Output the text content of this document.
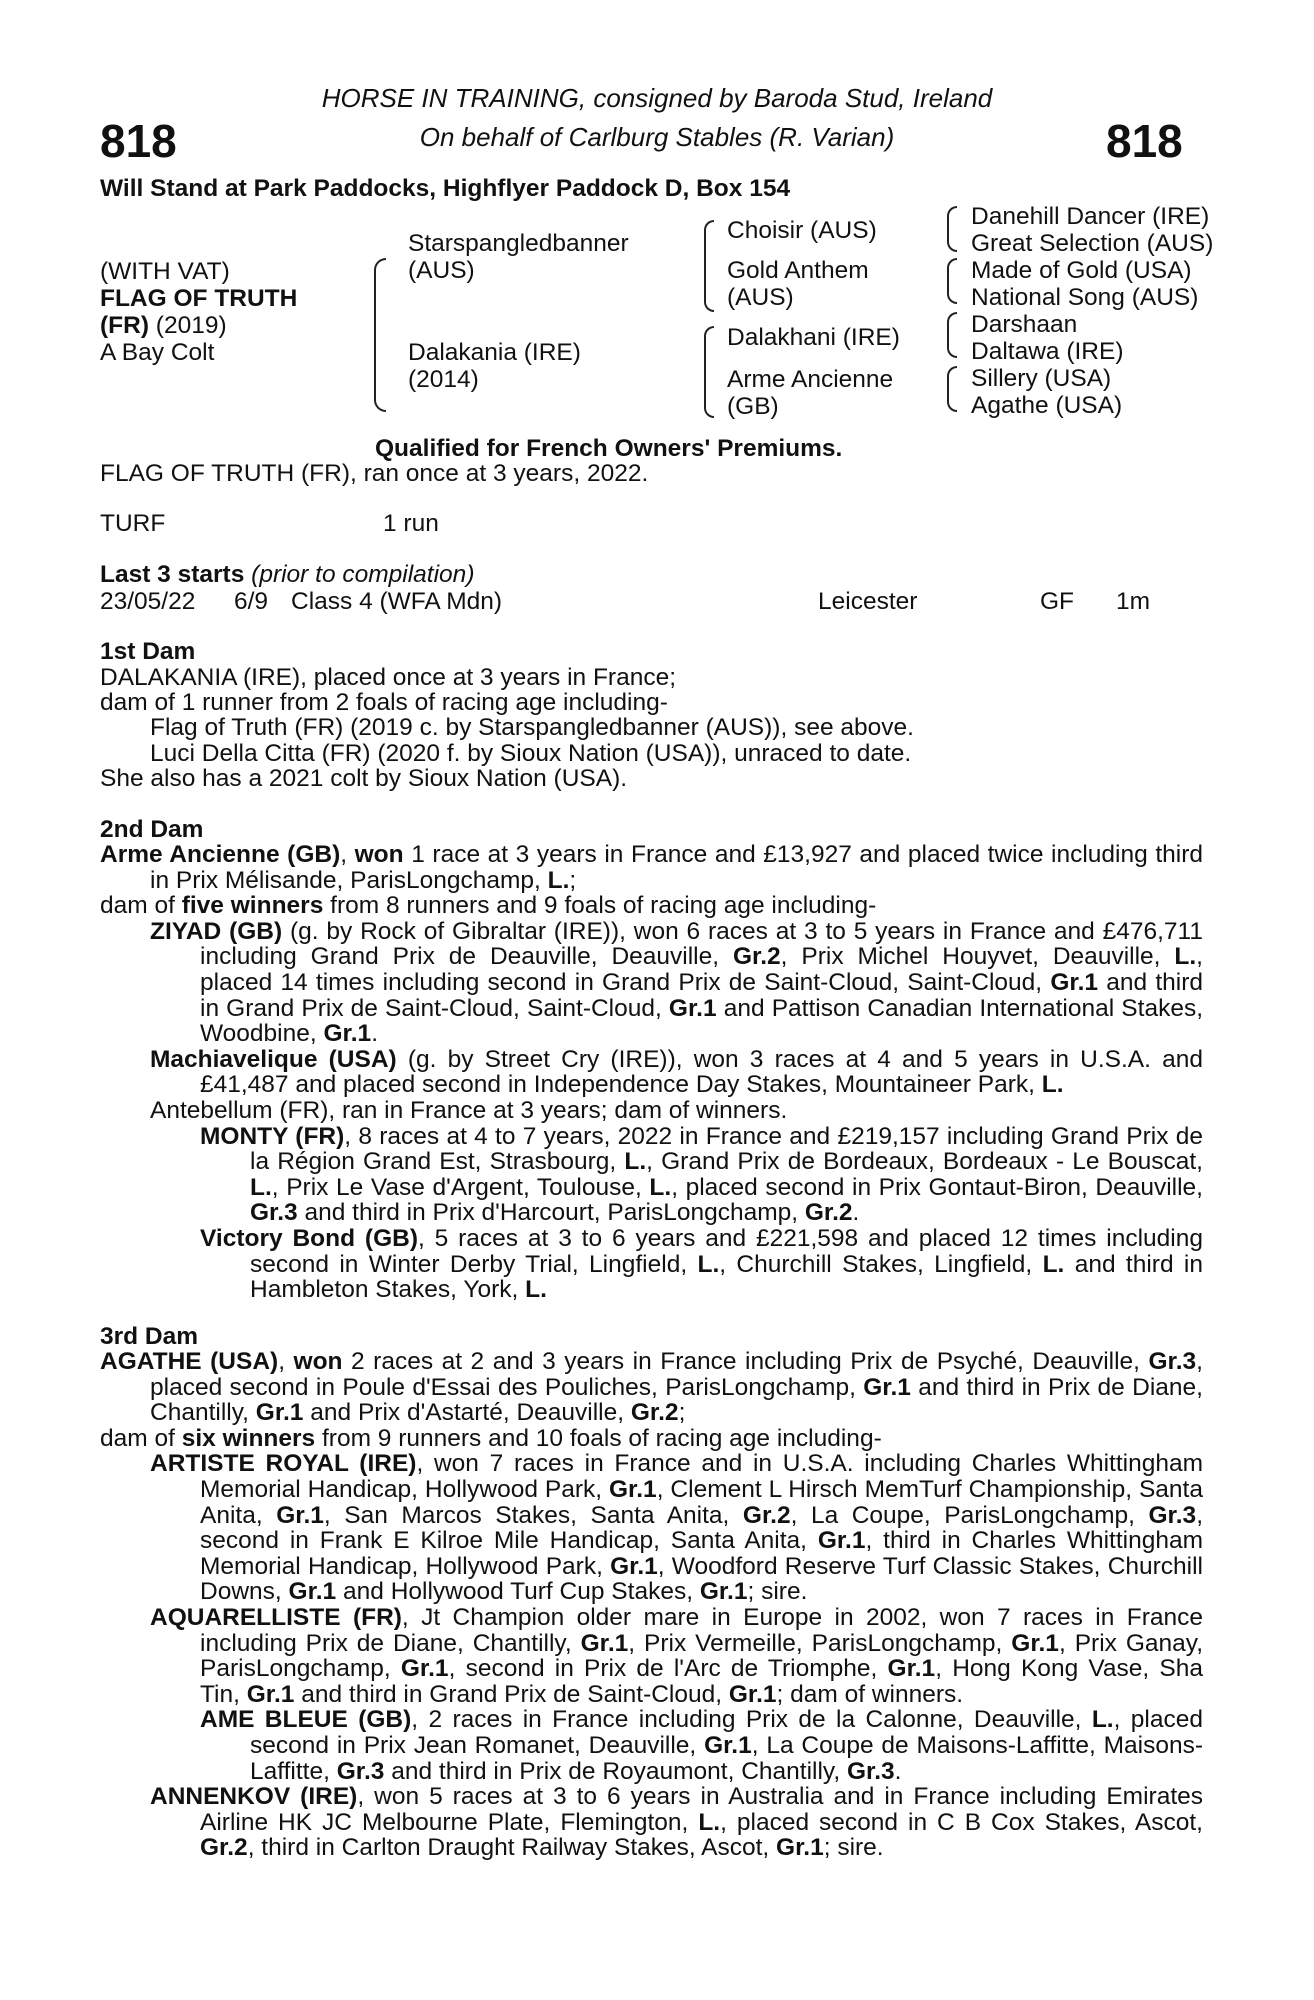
818	818
HORSE IN TRAINING, consigned by Baroda Stud, Ireland
On behalf of Carlburg Stables (R. Varian)
Will Stand at Park Paddocks, Highflyer Paddock D, Box 154
(WITH VAT)
FLAG OF TRUTH
(FR) (2019)
A Bay Colt
Starspangledbanner
(AUS)
Dalakania (IRE)
(2014)
Choisir (AUS)
Gold Anthem
(AUS)
Dalakhani (IRE)
Arme Ancienne
(GB)
Danehill Dancer (IRE)
Great Selection (AUS)
Made of Gold (USA)
National Song (AUS)
Darshaan
Daltawa (IRE)
Sillery (USA)
Agathe (USA)
Qualified for French Owners' Premiums.
FLAG OF TRUTH (FR), ran once at 3 years, 2022.
TURF	1 run
Last 3 starts (prior to compilation)
23/05/22 6/9 Class 4 (WFA Mdn)	Leicester	GF 1m
1st Dam
DALAKANIA (IRE), placed once at 3 years in France;
dam of 1 runner from 2 foals of racing age including-
Flag of Truth (FR) (2019 c. by Starspangledbanner (AUS)), see above.
Luci Della Citta (FR) (2020 f. by Sioux Nation (USA)), unraced to date.
She also has a 2021 colt by Sioux Nation (USA).
2nd Dam
Arme Ancienne (GB), won 1 race at 3 years in France and £13,927 and placed twice including third in Prix Mélisande, ParisLongchamp, L.;
dam of five winners from 8 runners and 9 foals of racing age including-
ZIYAD (GB) (g. by Rock of Gibraltar (IRE)), won 6 races at 3 to 5 years in France and £476,711 including Grand Prix de Deauville, Deauville, Gr.2, Prix Michel Houyvet, Deauville, L., placed 14 times including second in Grand Prix de Saint-Cloud, Saint-Cloud, Gr.1 and third in Grand Prix de Saint-Cloud, Saint-Cloud, Gr.1 and Pattison Canadian International Stakes, Woodbine, Gr.1.
Machiavelique (USA) (g. by Street Cry (IRE)), won 3 races at 4 and 5 years in U.S.A. and £41,487 and placed second in Independence Day Stakes, Mountaineer Park, L.
Antebellum (FR), ran in France at 3 years; dam of winners.
MONTY (FR), 8 races at 4 to 7 years, 2022 in France and £219,157 including Grand Prix de la Région Grand Est, Strasbourg, L., Grand Prix de Bordeaux, Bordeaux - Le Bouscat, L., Prix Le Vase d'Argent, Toulouse, L., placed second in Prix Gontaut-Biron, Deauville, Gr.3 and third in Prix d'Harcourt, ParisLongchamp, Gr.2.
Victory Bond (GB), 5 races at 3 to 6 years and £221,598 and placed 12 times including second in Winter Derby Trial, Lingfield, L., Churchill Stakes, Lingfield, L. and third in Hambleton Stakes, York, L.
3rd Dam
AGATHE (USA), won 2 races at 2 and 3 years in France including Prix de Psyché, Deauville, Gr.3, placed second in Poule d'Essai des Pouliches, ParisLongchamp, Gr.1 and third in Prix de Diane, Chantilly, Gr.1 and Prix d'Astarté, Deauville, Gr.2;
dam of six winners from 9 runners and 10 foals of racing age including-
ARTISTE ROYAL (IRE), won 7 races in France and in U.S.A. including Charles Whittingham Memorial Handicap, Hollywood Park, Gr.1, Clement L Hirsch MemTurf Championship, Santa Anita, Gr.1, San Marcos Stakes, Santa Anita, Gr.2, La Coupe, ParisLongchamp, Gr.3, second in Frank E Kilroe Mile Handicap, Santa Anita, Gr.1, third in Charles Whittingham Memorial Handicap, Hollywood Park, Gr.1, Woodford Reserve Turf Classic Stakes, Churchill Downs, Gr.1 and Hollywood Turf Cup Stakes, Gr.1; sire.
AQUARELLISTE (FR), Jt Champion older mare in Europe in 2002, won 7 races in France including Prix de Diane, Chantilly, Gr.1, Prix Vermeille, ParisLongchamp, Gr.1, Prix Ganay, ParisLongchamp, Gr.1, second in Prix de l'Arc de Triomphe, Gr.1, Hong Kong Vase, Sha Tin, Gr.1 and third in Grand Prix de Saint-Cloud, Gr.1; dam of winners.
AME BLEUE (GB), 2 races in France including Prix de la Calonne, Deauville, L., placed second in Prix Jean Romanet, Deauville, Gr.1, La Coupe de Maisons-Laffitte, Maisons-Laffitte, Gr.3 and third in Prix de Royaumont, Chantilly, Gr.3.
ANNENKOV (IRE), won 5 races at 3 to 6 years in Australia and in France including Emirates Airline HK JC Melbourne Plate, Flemington, L., placed second in C B Cox Stakes, Ascot, Gr.2, third in Carlton Draught Railway Stakes, Ascot, Gr.1; sire.
